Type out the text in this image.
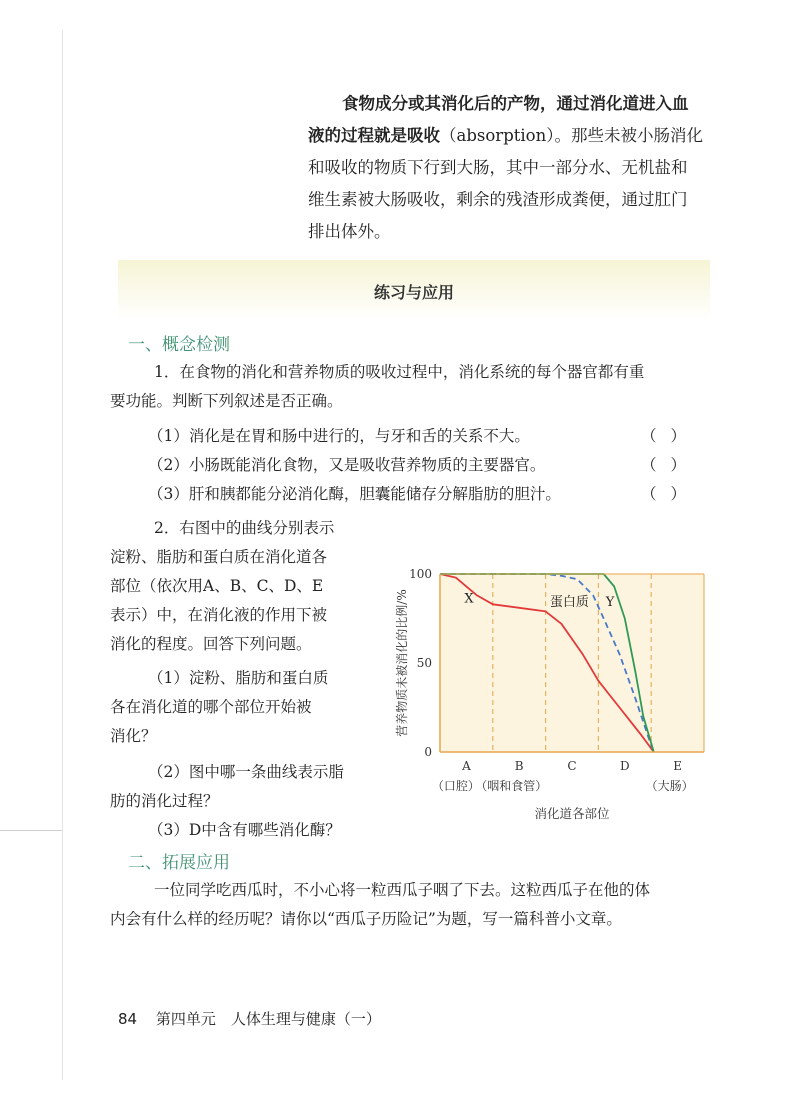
食物成分或其消化后的产物，通过消化道进入血

液的过程就是吸收（absorption）。那些未被小肠消化

和吸收的物质下行到大肠，其中一部分水、无机盐和

维生素被大肠吸收，剩余的残渣形成粪便，通过肛门

排出体外。

练习与应用
一、概念检测

1．在食物的消化和营养物质的吸收过程中，消化系统的每个器官都有重

要功能。判断下列叙述是否正确。

（1）消化是在胃和肠中进行的，与牙和舌的关系不大。	（）
（2）小肠既能消化食物，又是吸收营养物质的主要器官。	（）
（3）肝和胰都能分泌消化酶，胆囊能储存分解脂肪的胆汁。	（）

2．右图中的曲线分别表示

淀粉、脂肪和蛋白质在消化道各

部位（依次用A、B、C、D、E

表示）中，在消化液的作用下被

消化的程度。回答下列问题。

（1）淀粉、脂肪和蛋白质

各在消化道的哪个部位开始被

消化？

（2）图中哪一条曲线表示脂

肪的消化过程？

（3）D中含有哪些消化酶？

X	蛋白质 Y
0
50
100
A	B	C	D	E
（口腔）
（咽和食管）	（大肠）
消化道各部位
营养物质未被消化的比例/%
二、拓展应用

一位同学吃西瓜时，不小心将一粒西瓜子咽了下去。这粒西瓜子在他的体

内会有什么样的经历呢？请你以“西瓜子历险记”为题，写一篇科普小文章。

84 第四单元　人体生理与健康（一）
